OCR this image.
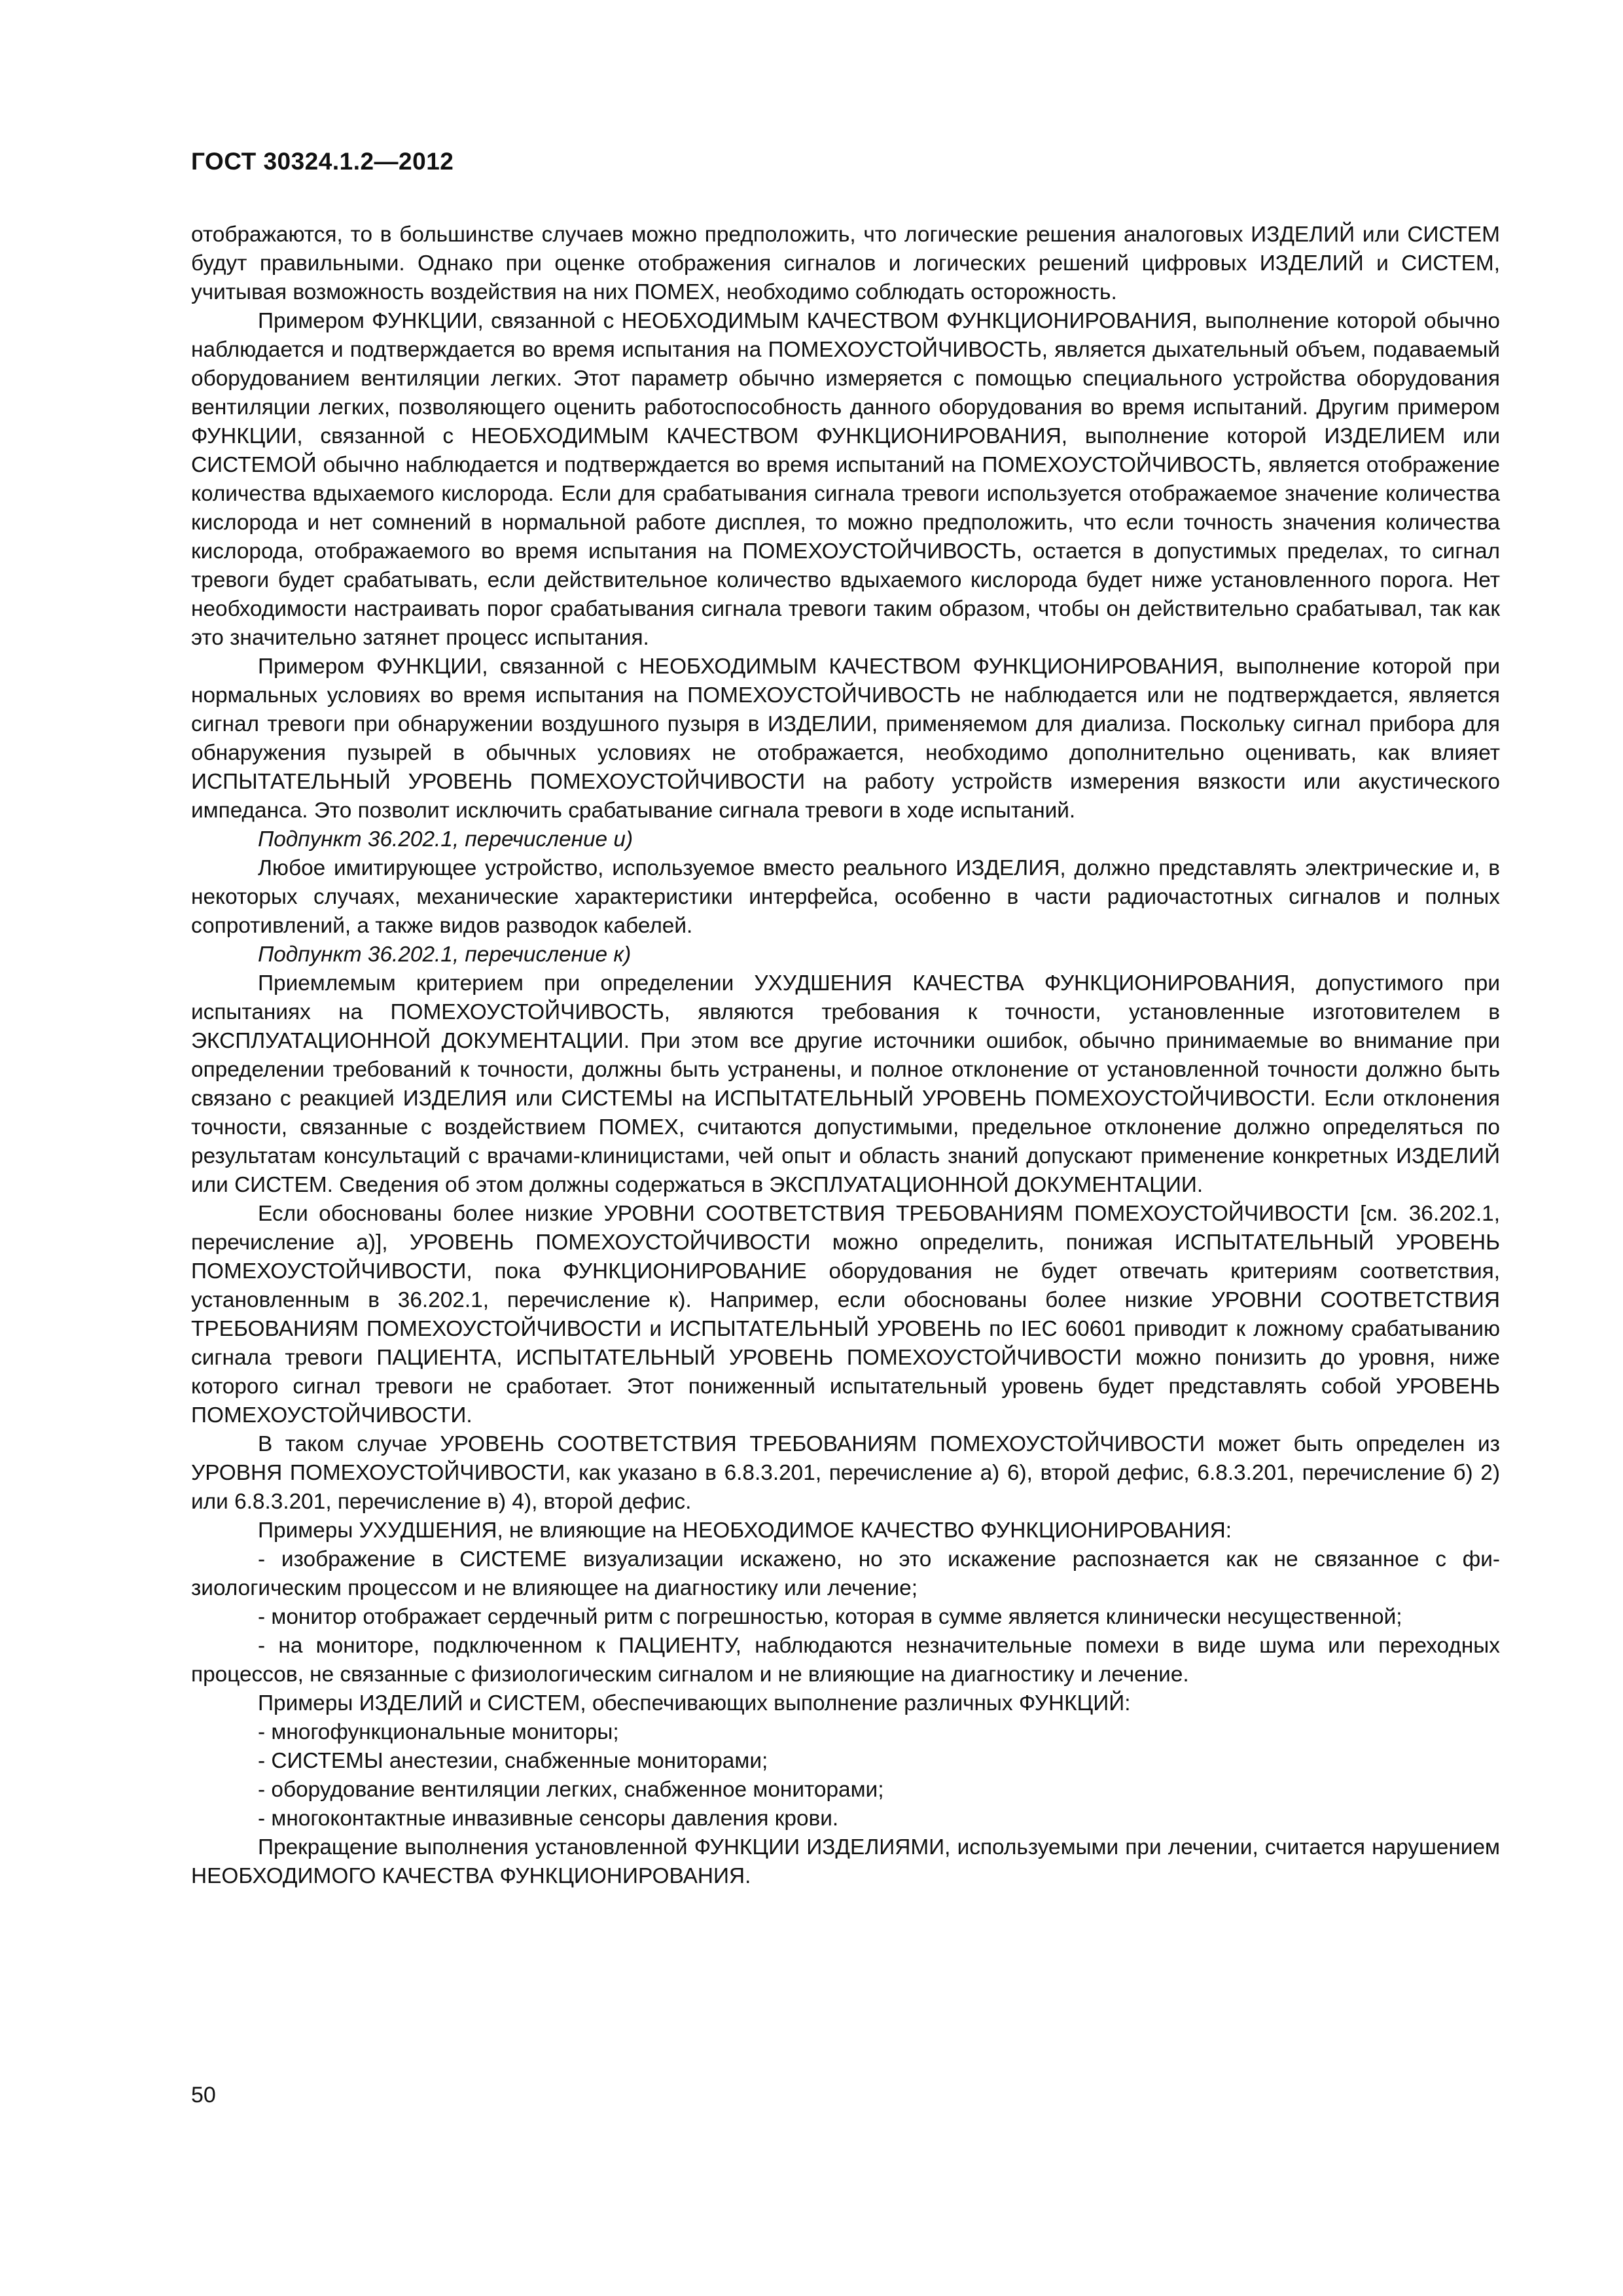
ГОСТ 30324.1.2—2012

отображаются, то в большинстве случаев можно предположить, что логические решения аналоговых ИЗДЕЛИЙ или СИСТЕМ будут правильными. Однако при оценке отображения сигналов и логических решений цифровых ИЗДЕЛИЙ и СИСТЕМ, учитывая возможность воздействия на них ПОМЕХ, необходимо соблюдать осторожность.

Примером ФУНКЦИИ, связанной с НЕОБХОДИМЫМ КАЧЕСТВОМ ФУНКЦИОНИРОВАНИЯ, выполнение которой обычно наблюдается и подтверждается во время испытания на ПОМЕХОУСТОЙЧИВОСТЬ, является дыхательный объем, подаваемый оборудованием вентиляции легких. Этот параметр обычно измеряется с помощью специального устройства оборудования вентиляции легких, позволяющего оценить работоспособность данного оборудования во время испытаний. Другим примером ФУНКЦИИ, связанной с НЕОБХОДИМЫМ КАЧЕСТВОМ ФУНКЦИОНИРОВАНИЯ, выполнение которой ИЗДЕЛИЕМ или СИСТЕМОЙ обычно наблюдается и подтверждается во время испытаний на ПОМЕХОУСТОЙЧИВОСТЬ, является отображение количества вдыхаемого кислорода. Если для срабатывания сигнала тревоги используется отображаемое значение количества кислорода и нет сомнений в нормальной работе дисплея, то можно предположить, что если точность значения количества кислорода, отображаемого во время испытания на ПОМЕХОУСТОЙЧИВОСТЬ, остается в допустимых пределах, то сигнал тревоги будет срабатывать, если действительное количество вдыхаемого кислорода будет ниже установленного порога. Нет необходимости настраивать порог срабатывания сигнала тревоги таким образом, чтобы он действительно срабатывал, так как это значительно затянет процесс испытания.

Примером ФУНКЦИИ, связанной с НЕОБХОДИМЫМ КАЧЕСТВОМ ФУНКЦИОНИРОВАНИЯ, выполнение которой при нормальных условиях во время испытания на ПОМЕХОУСТОЙЧИВОСТЬ не наблюдается или не подтверждается, является сигнал тревоги при обнаружении воздушного пузыря в ИЗДЕЛИИ, применяемом для диализа. Поскольку сигнал прибора для обнаружения пузырей в обычных условиях не отображается, необходимо дополнительно оценивать, как влияет ИСПЫТАТЕЛЬНЫЙ УРОВЕНЬ ПОМЕХОУСТОЙЧИВОСТИ на работу устройств измерения вязкости или акустического импеданса. Это позволит исключить срабатывание сигнала тревоги в ходе испытаний.

Подпункт 36.202.1, перечисление и)

Любое имитирующее устройство, используемое вместо реального ИЗДЕЛИЯ, должно представлять электрические и, в некоторых случаях, механические характеристики интерфейса, особенно в части радиочастотных сигналов и полных сопротивлений, а также видов разводок кабелей.

Подпункт 36.202.1, перечисление к)

Приемлемым критерием при определении УХУДШЕНИЯ КАЧЕСТВА ФУНКЦИОНИРОВАНИЯ, допустимого при испытаниях на ПОМЕХОУСТОЙЧИВОСТЬ, являются требования к точности, установленные изготовителем в ЭКСПЛУАТАЦИОННОЙ ДОКУМЕНТАЦИИ. При этом все другие источники ошибок, обычно принимаемые во внимание при определении требований к точности, должны быть устранены, и полное отклонение от установленной точности должно быть связано с реакцией ИЗДЕЛИЯ или СИСТЕМЫ на ИСПЫТАТЕЛЬНЫЙ УРОВЕНЬ ПОМЕХОУСТОЙЧИВОСТИ. Если отклонения точности, связанные с воздействием ПОМЕХ, считаются допустимыми, предельное отклонение должно определяться по результатам консультаций с врачами-клиницистами, чей опыт и область знаний допускают применение конкретных ИЗДЕЛИЙ или СИСТЕМ. Сведения об этом должны содержаться в ЭКСПЛУАТАЦИОННОЙ ДОКУМЕНТАЦИИ.

Если обоснованы более низкие УРОВНИ СООТВЕТСТВИЯ ТРЕБОВАНИЯМ ПОМЕХОУСТОЙЧИВОСТИ [см. 36.202.1, перечисление а)], УРОВЕНЬ ПОМЕХОУСТОЙЧИВОСТИ можно определить, понижая ИСПЫТАТЕЛЬНЫЙ УРОВЕНЬ ПОМЕХОУСТОЙЧИВОСТИ, пока ФУНКЦИОНИРОВАНИЕ оборудования не будет отвечать критериям соответствия, установленным в 36.202.1, перечисление к). Например, если обоснованы более низкие УРОВНИ СООТВЕТСТВИЯ ТРЕБОВАНИЯМ ПОМЕХОУСТОЙЧИВОСТИ и ИСПЫТАТЕЛЬНЫЙ УРОВЕНЬ по IEC 60601 приводит к ложному срабатыванию сигнала тревоги ПАЦИЕНТА, ИСПЫТАТЕЛЬНЫЙ УРОВЕНЬ ПОМЕХОУСТОЙЧИВОСТИ можно понизить до уровня, ниже которого сигнал тревоги не сработает. Этот пониженный испытательный уровень будет представлять собой УРОВЕНЬ ПОМЕХОУСТОЙЧИВОСТИ.

В таком случае УРОВЕНЬ СООТВЕТСТВИЯ ТРЕБОВАНИЯМ ПОМЕХОУСТОЙЧИВОСТИ может быть определен из УРОВНЯ ПОМЕХОУСТОЙЧИВОСТИ, как указано в 6.8.3.201, перечисление а) 6), второй дефис, 6.8.3.201, перечисление б) 2) или 6.8.3.201, перечисление в) 4), второй дефис.

Примеры УХУДШЕНИЯ, не влияющие на НЕОБХОДИМОЕ КАЧЕСТВО ФУНКЦИОНИРОВАНИЯ:

- изображение в СИСТЕМЕ визуализации искажено, но это искажение распознается как не связанное с физиологическим процессом и не влияющее на диагностику или лечение;

- монитор отображает сердечный ритм с погрешностью, которая в сумме является клинически несущественной;

- на мониторе, подключенном к ПАЦИЕНТУ, наблюдаются незначительные помехи в виде шума или переходных процессов, не связанные с физиологическим сигналом и не влияющие на диагностику и лечение.

Примеры ИЗДЕЛИЙ и СИСТЕМ, обеспечивающих выполнение различных ФУНКЦИЙ:

- многофункциональные мониторы;

- СИСТЕМЫ анестезии, снабженные мониторами;

- оборудование вентиляции легких, снабженное мониторами;

- многоконтактные инвазивные сенсоры давления крови.

Прекращение выполнения установленной ФУНКЦИИ ИЗДЕЛИЯМИ, используемыми при лечении, считается нарушением НЕОБХОДИМОГО КАЧЕСТВА ФУНКЦИОНИРОВАНИЯ.

50
